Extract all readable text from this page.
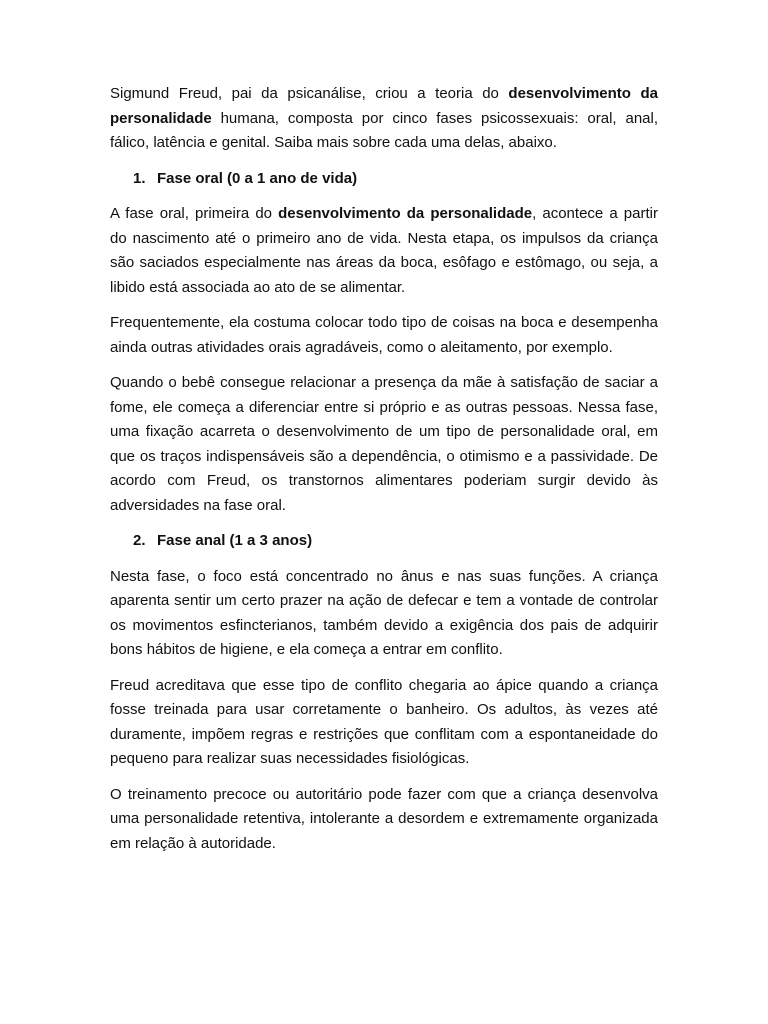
Sigmund Freud, pai da psicanálise, criou a teoria do desenvolvimento da personalidade humana, composta por cinco fases psicossexuais: oral, anal, fálico, latência e genital. Saiba mais sobre cada uma delas, abaixo.

1. Fase oral (0 a 1 ano de vida)

A fase oral, primeira do desenvolvimento da personalidade, acontece a partir do nascimento até o primeiro ano de vida. Nesta etapa, os impulsos da criança são saciados especialmente nas áreas da boca, esôfago e estômago, ou seja, a libido está associada ao ato de se alimentar.

Frequentemente, ela costuma colocar todo tipo de coisas na boca e desempenha ainda outras atividades orais agradáveis, como o aleitamento, por exemplo.

Quando o bebê consegue relacionar a presença da mãe à satisfação de saciar a fome, ele começa a diferenciar entre si próprio e as outras pessoas. Nessa fase, uma fixação acarreta o desenvolvimento de um tipo de personalidade oral, em que os traços indispensáveis são a dependência, o otimismo e a passividade. De acordo com Freud, os transtornos alimentares poderiam surgir devido às adversidades na fase oral.

2. Fase anal (1 a 3 anos)

Nesta fase, o foco está concentrado no ânus e nas suas funções. A criança aparenta sentir um certo prazer na ação de defecar e tem a vontade de controlar os movimentos esfincterianos, também devido a exigência dos pais de adquirir bons hábitos de higiene, e ela começa a entrar em conflito.

Freud acreditava que esse tipo de conflito chegaria ao ápice quando a criança fosse treinada para usar corretamente o banheiro. Os adultos, às vezes até duramente, impõem regras e restrições que conflitam com a espontaneidade do pequeno para realizar suas necessidades fisiológicas.

O treinamento precoce ou autoritário pode fazer com que a criança desenvolva uma personalidade retentiva, intolerante a desordem e extremamente organizada em relação à autoridade.
